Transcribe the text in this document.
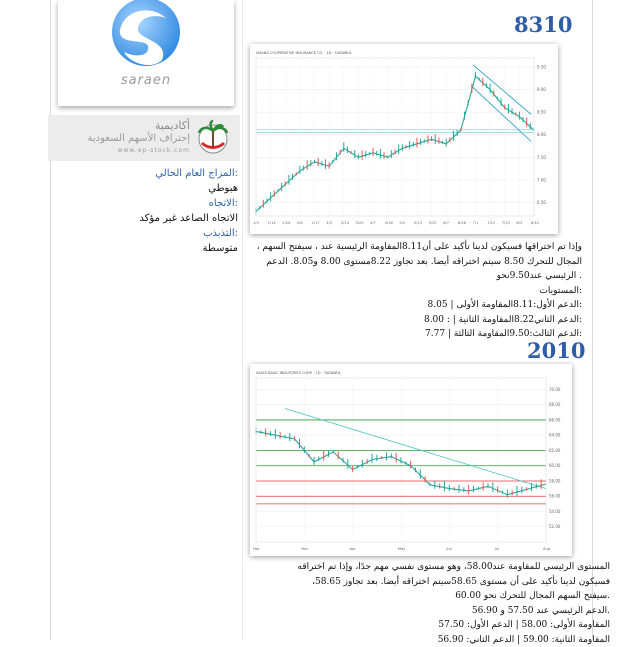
saraen
أكاديمية
إحتراف الأسهم السعودية
www.ep-stock.com
:المزاج العام الحالي
هبوطي
:الاتجاه
الاتجاه الصاعد غير مؤكد
:التذبذب
متوسطة
8310
AMANA COOPERATIVE INSURANCE CO. · 1D · TADAWUL
9.50
9.00
8.50
8.00
7.50
7.00
6.50
1/3 1/14 1/24 2/6 2/17 3/3 3/14 3/25 4/7 4/18 5/2 5/13 5/25 6/7 6/18 7/1 7/12 7/23 8/3 8/12
وإذا تم اختراقها فسيكون لدينا تأكيد على أن8.11المقاومة الرئيسية عند ، سيفتح السهم ،
المجال للتحرك 8.50 سيتم اختراقه أيضا. بعد تجاوز 8.22مستوى 8.00 و8.05. الدعم
. الرئيسي عند9.50نحو
:المستويات
:الدعم الأول:8.11المقاومة الأولى | 8.05
:الدعم الثاني8.22المقاومة الثانية | : 8.00
:الدعم الثالث:9.50المقاومة الثالثة | 7.77
2010
SAUDI BASIC INDUSTRIES CORP. · 1D · TADAWUL
70.00
68.00
66.00
64.00
62.00
60.00
58.00
56.00
54.00
52.00
Feb	Mar	Apr	May	Jun	Jul	Aug
المستوى الرئيسي للمقاومة عند58.00، وهو مستوى نفسي مهم جدًا، وإذا تم اختراقه
فسيكون لدينا تأكيد على أن مستوى 58.65سيتم اختراقه أيضا. بعد تجاوز 58.65،
.سيفتح السهم المجال للتحرك نحو 60.00
.الدعم الرئيسي عند 57.50 و 56.90
المقاومة الأولى: 58.00 | الدعم الأول: 57.50
المقاومة الثانية: 59.00 | الدعم الثاني: 56.90
